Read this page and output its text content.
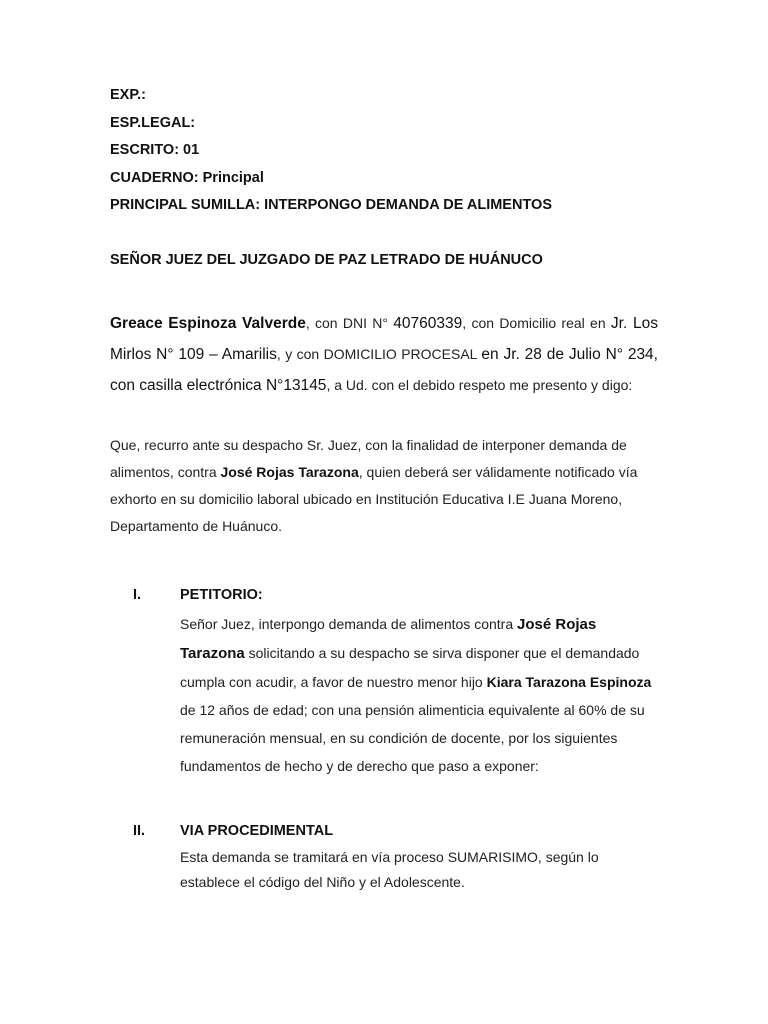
EXP.:
ESP.LEGAL:
ESCRITO: 01
CUADERNO: Principal
PRINCIPAL SUMILLA: INTERPONGO DEMANDA DE ALIMENTOS
SEÑOR JUEZ DEL JUZGADO DE PAZ LETRADO DE HUÁNUCO
Greace Espinoza Valverde, con DNI N° 40760339, con Domicilio real en Jr. Los Mirlos N° 109 – Amarilis, y con DOMICILIO PROCESAL en Jr. 28 de Julio N° 234, con casilla electrónica N°13145, a Ud. con el debido respeto me presento y digo:
Que, recurro ante su despacho Sr. Juez, con la finalidad de interponer demanda de alimentos, contra José Rojas Tarazona, quien deberá ser válidamente notificado vía exhorto en su domicilio laboral ubicado en Institución Educativa I.E Juana Moreno, Departamento de Huánuco.
I.	PETITORIO:
Señor Juez, interpongo demanda de alimentos contra José Rojas Tarazona solicitando a su despacho se sirva disponer que el demandado cumpla con acudir, a favor de nuestro menor hijo Kiara Tarazona Espinoza de 12 años de edad; con una pensión alimenticia equivalente al 60% de su remuneración mensual, en su condición de docente, por los siguientes fundamentos de hecho y de derecho que paso a exponer:
II. VIA PROCEDIMENTAL
Esta demanda se tramitará en vía proceso SUMARISIMO, según lo establece el código del Niño y el Adolescente.
